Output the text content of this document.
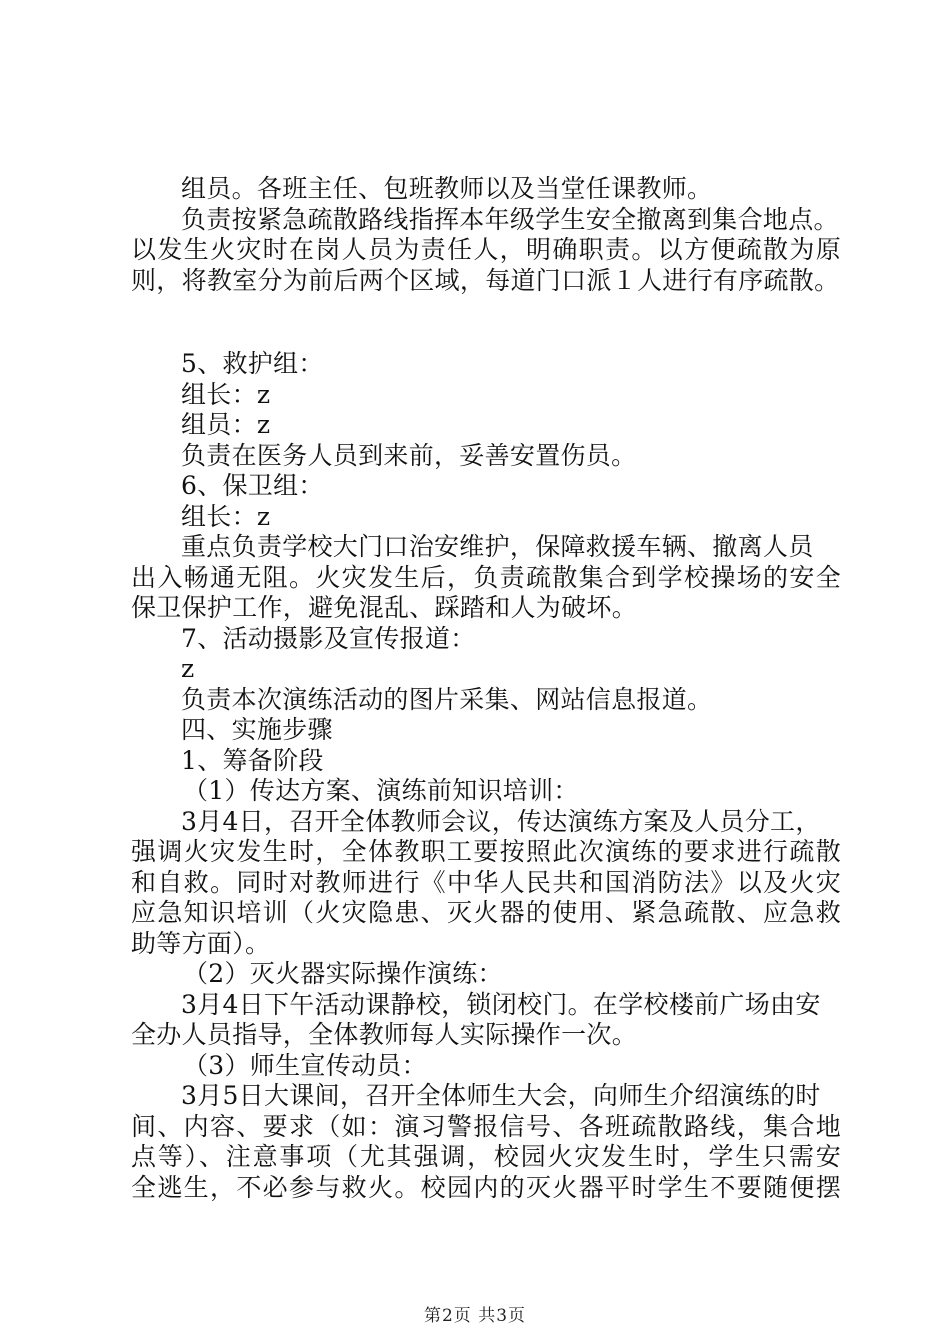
组员。各班主任、包班教师以及当堂任课教师。
负责按紧急疏散路线指挥本年级学生安全撤离到集合地点。
以发生火灾时在岗人员为责任人，明确职责。以方便疏散为原
则，将教室分为前后两个区域，每道门口派１人进行有序疏散。
5、救护组：
组长：z
组员：z
负责在医务人员到来前，妥善安置伤员。
6、保卫组：
组长：z
重点负责学校大门口治安维护，保障救援车辆、撤离人员
出入畅通无阻。火灾发生后，负责疏散集合到学校操场的安全
保卫保护工作，避免混乱、踩踏和人为破坏。
7、活动摄影及宣传报道：
z
负责本次演练活动的图片采集、网站信息报道。
四、实施步骤
1、筹备阶段
（1）传达方案、演练前知识培训：
3月4日，召开全体教师会议，传达演练方案及人员分工，
强调火灾发生时，全体教职工要按照此次演练的要求进行疏散
和自救。同时对教师进行《中华人民共和国消防法》以及火灾
应急知识培训（火灾隐患、灭火器的使用、紧急疏散、应急救
助等方面）。
（2）灭火器实际操作演练：
3月4日下午活动课静校，锁闭校门。在学校楼前广场由安
全办人员指导，全体教师每人实际操作一次。
（3）师生宣传动员：
3月5日大课间，召开全体师生大会，向师生介绍演练的时
间、内容、要求（如：演习警报信号、各班疏散路线，集合地
点等）、注意事项（尤其强调，校园火灾发生时，学生只需安
全逃生，不必参与救火。校园内的灭火器平时学生不要随便摆
第2页 共3页
